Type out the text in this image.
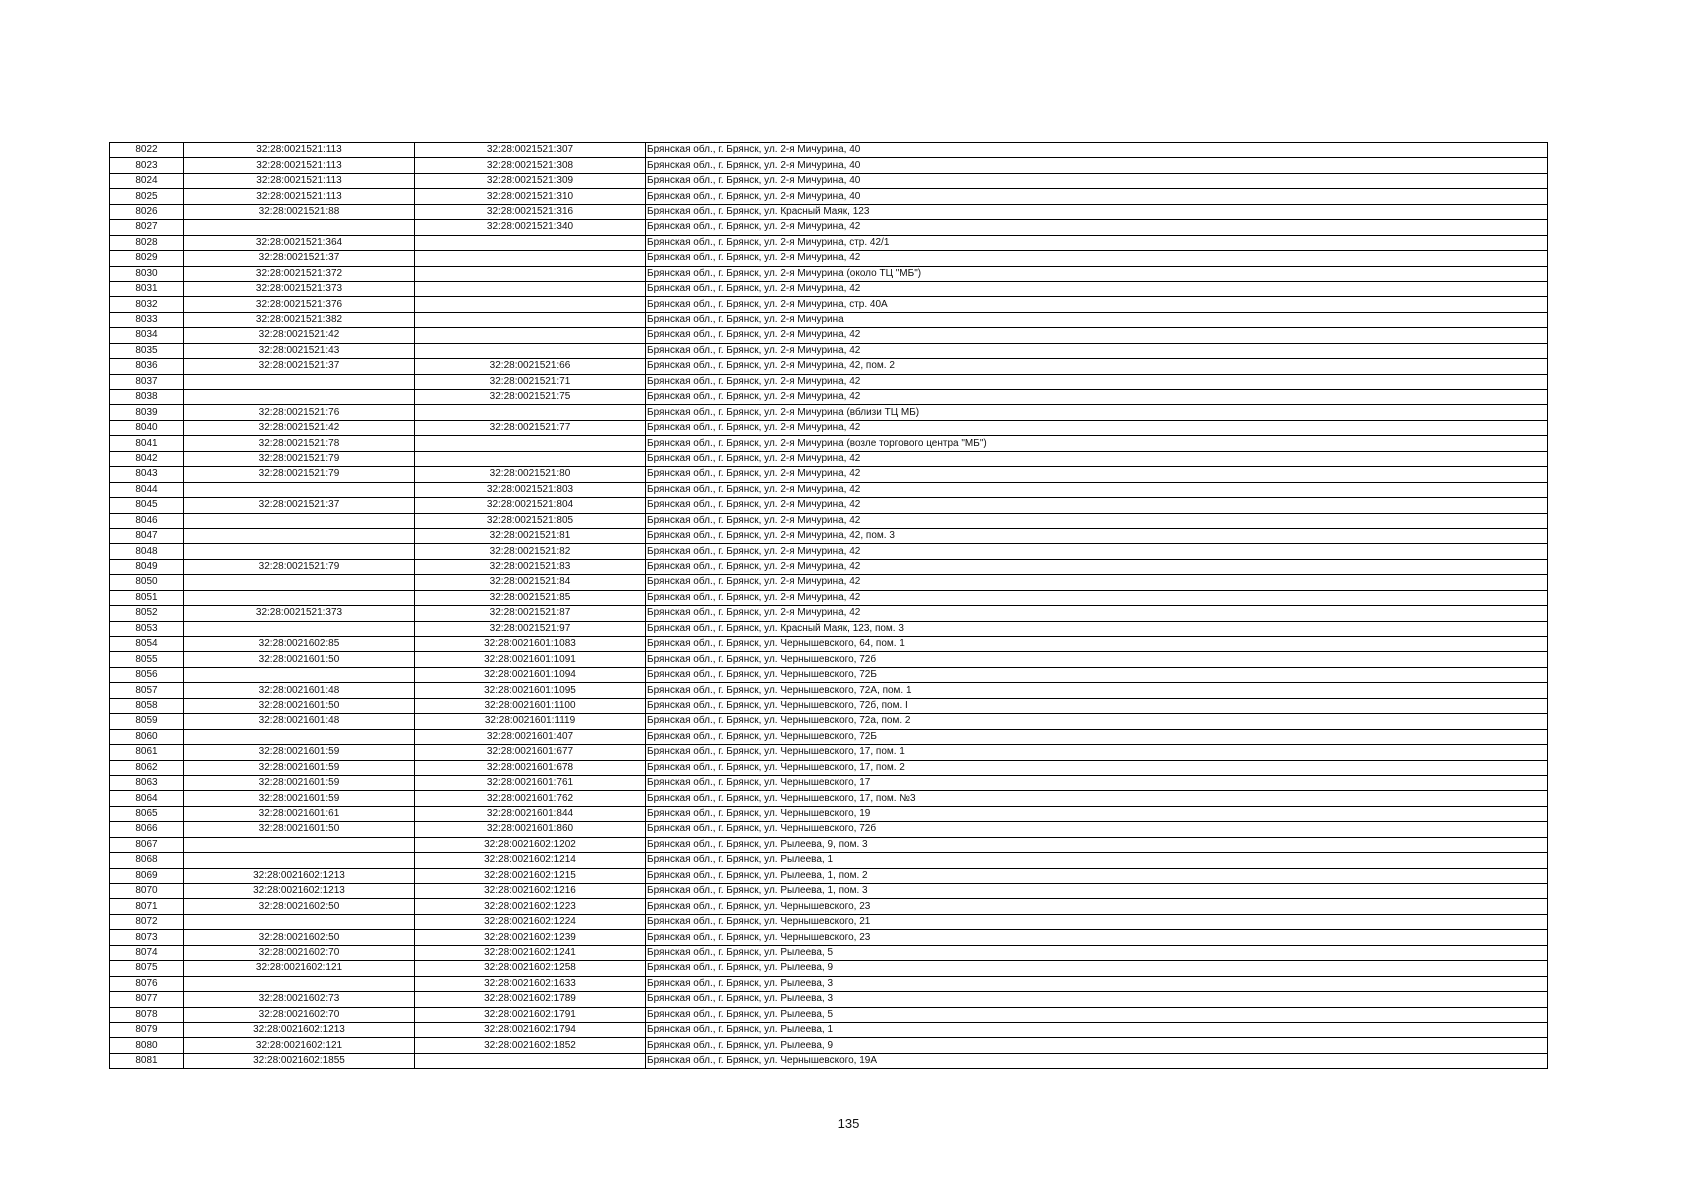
8022	32:28:0021521:113	32:28:0021521:307	Брянская обл., г. Брянск, ул. 2-я Мичурина, 40
8023	32:28:0021521:113	32:28:0021521:308	Брянская обл., г. Брянск, ул. 2-я Мичурина, 40
8024	32:28:0021521:113	32:28:0021521:309	Брянская обл., г. Брянск, ул. 2-я Мичурина, 40
8025	32:28:0021521:113	32:28:0021521:310	Брянская обл., г. Брянск, ул. 2-я Мичурина, 40
8026	32:28:0021521:88	32:28:0021521:316	Брянская обл., г. Брянск, ул. Красный Маяк, 123
8027		32:28:0021521:340	Брянская обл., г. Брянск, ул. 2-я Мичурина, 42
8028	32:28:0021521:364		Брянская обл., г. Брянск, ул. 2-я Мичурина, стр. 42/1
8029	32:28:0021521:37		Брянская обл., г. Брянск, ул. 2-я Мичурина, 42
8030	32:28:0021521:372		Брянская обл., г. Брянск, ул. 2-я Мичурина (около ТЦ "МБ")
8031	32:28:0021521:373		Брянская обл., г. Брянск, ул. 2-я Мичурина, 42
8032	32:28:0021521:376		Брянская обл., г. Брянск, ул. 2-я Мичурина, стр. 40А
8033	32:28:0021521:382		Брянская обл., г. Брянск, ул. 2-я Мичурина
8034	32:28:0021521:42		Брянская обл., г. Брянск, ул. 2-я Мичурина, 42
8035	32:28:0021521:43		Брянская обл., г. Брянск, ул. 2-я Мичурина, 42
8036	32:28:0021521:37	32:28:0021521:66	Брянская обл., г. Брянск, ул. 2-я Мичурина, 42, пом. 2
8037		32:28:0021521:71	Брянская обл., г. Брянск, ул. 2-я Мичурина, 42
8038		32:28:0021521:75	Брянская обл., г. Брянск, ул. 2-я Мичурина, 42
8039	32:28:0021521:76		Брянская обл., г. Брянск, ул. 2-я Мичурина (вблизи ТЦ МБ)
8040	32:28:0021521:42	32:28:0021521:77	Брянская обл., г. Брянск, ул. 2-я Мичурина, 42
8041	32:28:0021521:78		Брянская обл., г. Брянск, ул. 2-я Мичурина (возле торгового центра "МБ")
8042	32:28:0021521:79		Брянская обл., г. Брянск, ул. 2-я Мичурина, 42
8043	32:28:0021521:79	32:28:0021521:80	Брянская обл., г. Брянск, ул. 2-я Мичурина, 42
8044		32:28:0021521:803	Брянская обл., г. Брянск, ул. 2-я Мичурина, 42
8045	32:28:0021521:37	32:28:0021521:804	Брянская обл., г. Брянск, ул. 2-я Мичурина, 42
8046		32:28:0021521:805	Брянская обл., г. Брянск, ул. 2-я Мичурина, 42
8047		32:28:0021521:81	Брянская обл., г. Брянск, ул. 2-я Мичурина, 42, пом. 3
8048		32:28:0021521:82	Брянская обл., г. Брянск, ул. 2-я Мичурина, 42
8049	32:28:0021521:79	32:28:0021521:83	Брянская обл., г. Брянск, ул. 2-я Мичурина, 42
8050		32:28:0021521:84	Брянская обл., г. Брянск, ул. 2-я Мичурина, 42
8051		32:28:0021521:85	Брянская обл., г. Брянск, ул. 2-я Мичурина, 42
8052	32:28:0021521:373	32:28:0021521:87	Брянская обл., г. Брянск, ул. 2-я Мичурина, 42
8053		32:28:0021521:97	Брянская обл., г. Брянск, ул. Красный Маяк, 123, пом. 3
8054	32:28:0021602:85	32:28:0021601:1083	Брянская обл., г. Брянск, ул. Чернышевского, 64, пом. 1
8055	32:28:0021601:50	32:28:0021601:1091	Брянская обл., г. Брянск, ул. Чернышевского, 72б
8056		32:28:0021601:1094	Брянская обл., г. Брянск, ул. Чернышевского, 72Б
8057	32:28:0021601:48	32:28:0021601:1095	Брянская обл., г. Брянск, ул. Чернышевского, 72А, пом. 1
8058	32:28:0021601:50	32:28:0021601:1100	Брянская обл., г. Брянск, ул. Чернышевского, 72б, пом. I
8059	32:28:0021601:48	32:28:0021601:1119	Брянская обл., г. Брянск, ул. Чернышевского, 72а, пом. 2
8060		32:28:0021601:407	Брянская обл., г. Брянск, ул. Чернышевского, 72Б
8061	32:28:0021601:59	32:28:0021601:677	Брянская обл., г. Брянск, ул. Чернышевского, 17, пом. 1
8062	32:28:0021601:59	32:28:0021601:678	Брянская обл., г. Брянск, ул. Чернышевского, 17, пом. 2
8063	32:28:0021601:59	32:28:0021601:761	Брянская обл., г. Брянск, ул. Чернышевского, 17
8064	32:28:0021601:59	32:28:0021601:762	Брянская обл., г. Брянск, ул. Чернышевского, 17, пом. №3
8065	32:28:0021601:61	32:28:0021601:844	Брянская обл., г. Брянск, ул. Чернышевского, 19
8066	32:28:0021601:50	32:28:0021601:860	Брянская обл., г. Брянск, ул. Чернышевского, 72б
8067		32:28:0021602:1202	Брянская обл., г. Брянск, ул. Рылеева, 9, пом. 3
8068		32:28:0021602:1214	Брянская обл., г. Брянск, ул. Рылеева, 1
8069	32:28:0021602:1213	32:28:0021602:1215	Брянская обл., г. Брянск, ул. Рылеева, 1, пом. 2
8070	32:28:0021602:1213	32:28:0021602:1216	Брянская обл., г. Брянск, ул. Рылеева, 1, пом. 3
8071	32:28:0021602:50	32:28:0021602:1223	Брянская обл., г. Брянск, ул. Чернышевского, 23
8072		32:28:0021602:1224	Брянская обл., г. Брянск, ул. Чернышевского, 21
8073	32:28:0021602:50	32:28:0021602:1239	Брянская обл., г. Брянск, ул. Чернышевского, 23
8074	32:28:0021602:70	32:28:0021602:1241	Брянская обл., г. Брянск, ул. Рылеева, 5
8075	32:28:0021602:121	32:28:0021602:1258	Брянская обл., г. Брянск, ул. Рылеева, 9
8076		32:28:0021602:1633	Брянская обл., г. Брянск, ул. Рылеева, 3
8077	32:28:0021602:73	32:28:0021602:1789	Брянская обл., г. Брянск, ул. Рылеева, 3
8078	32:28:0021602:70	32:28:0021602:1791	Брянская обл., г. Брянск, ул. Рылеева, 5
8079	32:28:0021602:1213	32:28:0021602:1794	Брянская обл., г. Брянск, ул. Рылеева, 1
8080	32:28:0021602:121	32:28:0021602:1852	Брянская обл., г. Брянск, ул. Рылеева, 9
8081	32:28:0021602:1855		Брянская обл., г. Брянск, ул. Чернышевского, 19А
135
